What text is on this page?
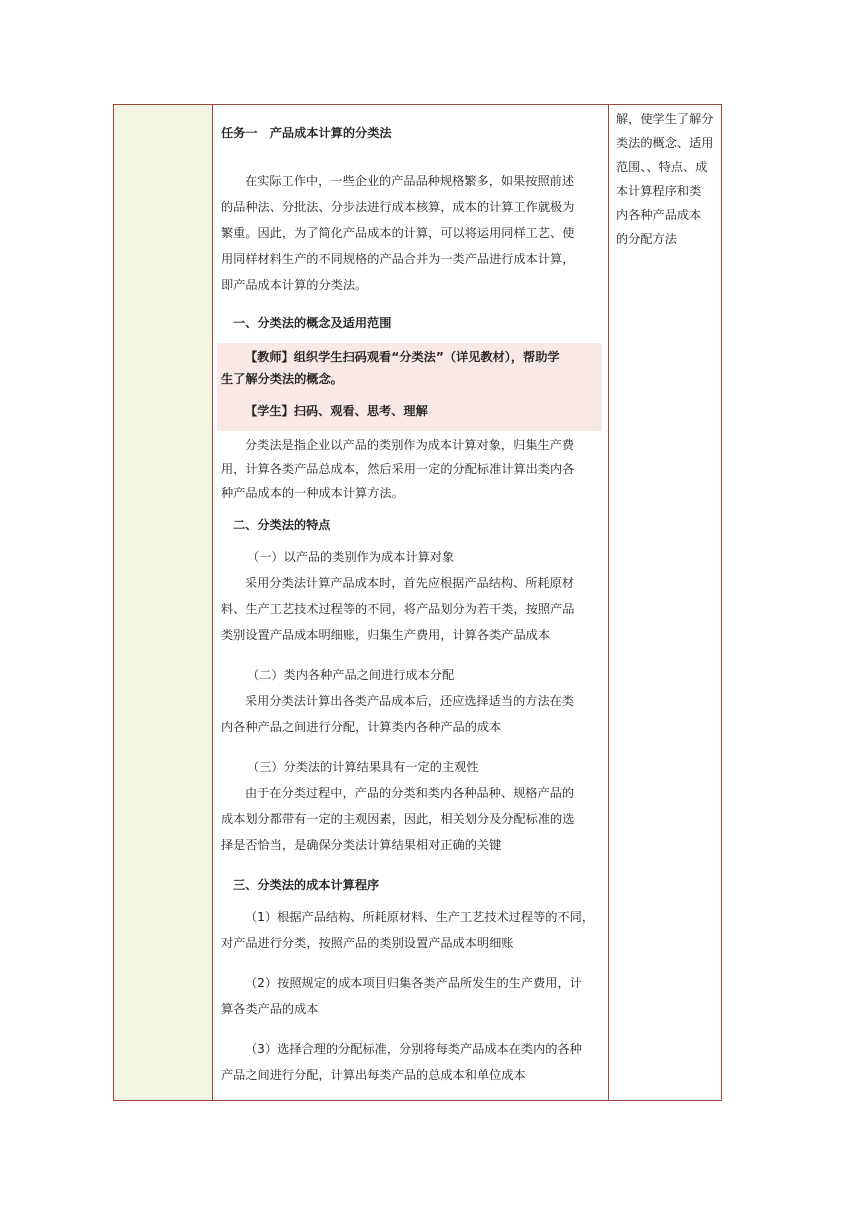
任务一　产品成本计算的分类法
在实际工作中，一些企业的产品品种规格繁多，如果按照前述
的品种法、分批法、分步法进行成本核算，成本的计算工作就极为
繁重。因此，为了简化产品成本的计算，可以将运用同样工艺、使
用同样材料生产的不同规格的产品合并为一类产品进行成本计算，
即产品成本计算的分类法。
一、分类法的概念及适用范围
【教师】组织学生扫码观看“分类法”（详见教材），帮助学
生了解分类法的概念。
【学生】扫码、观看、思考、理解
分类法是指企业以产品的类别作为成本计算对象，归集生产费
用，计算各类产品总成本，然后采用一定的分配标准计算出类内各
种产品成本的一种成本计算方法。
二、分类法的特点
（一）以产品的类别作为成本计算对象
采用分类法计算产品成本时，首先应根据产品结构、所耗原材
料、生产工艺技术过程等的不同，将产品划分为若干类，按照产品
类别设置产品成本明细账，归集生产费用，计算各类产品成本
（二）类内各种产品之间进行成本分配
采用分类法计算出各类产品成本后，还应选择适当的方法在类
内各种产品之间进行分配，计算类内各种产品的成本
（三）分类法的计算结果具有一定的主观性
由于在分类过程中，产品的分类和类内各种品种、规格产品的
成本划分都带有一定的主观因素，因此，相关划分及分配标准的选
择是否恰当，是确保分类法计算结果相对正确的关键
三、分类法的成本计算程序
（1）根据产品结构、所耗原材料、生产工艺技术过程等的不同，
对产品进行分类，按照产品的类别设置产品成本明细账
（2）按照规定的成本项目归集各类产品所发生的生产费用，计
算各类产品的成本
（3）选择合理的分配标准，分别将每类产品成本在类内的各种
产品之间进行分配，计算出每类产品的总成本和单位成本
解，使学生了解分
类法的概念、适用
范围、、特点、成
本计算程序和类
内各种产品成本
的分配方法
